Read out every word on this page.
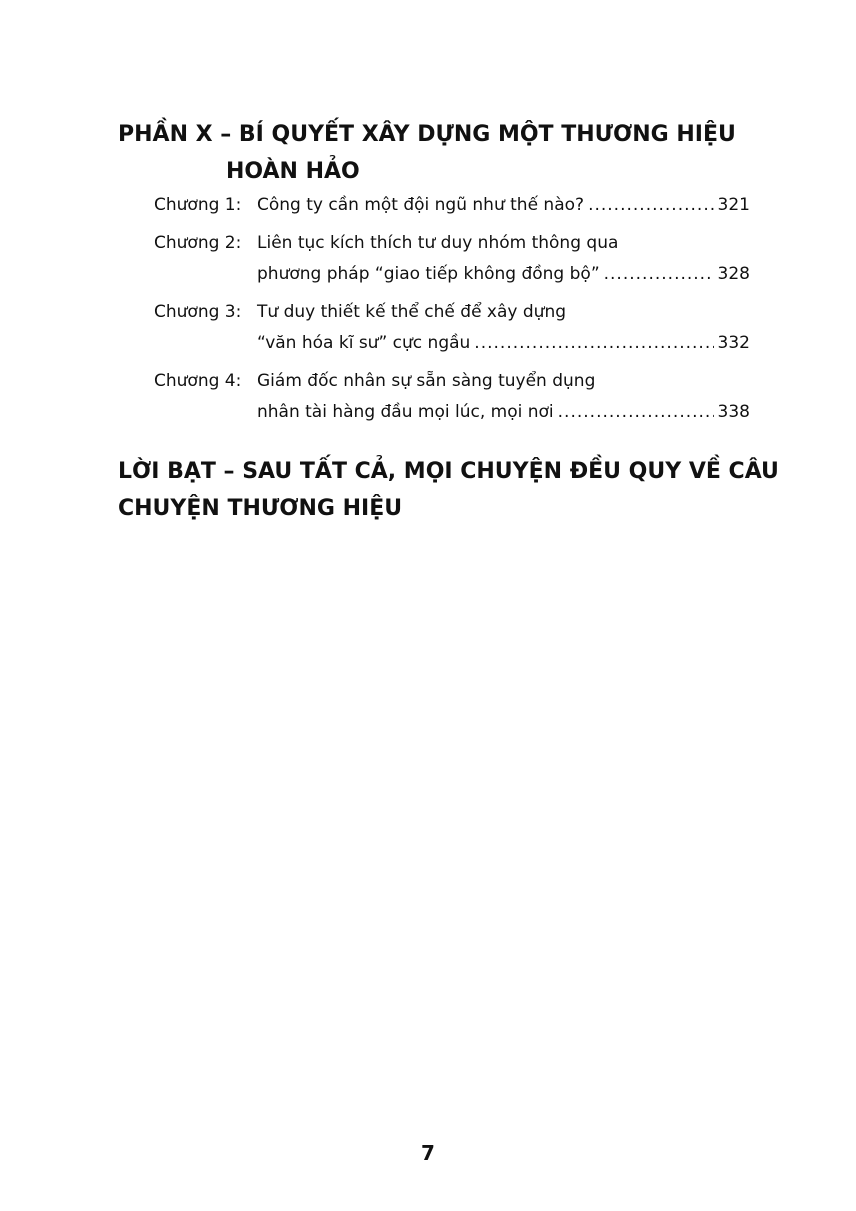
PHẦN X – BÍ QUYẾT XÂY DỰNG MỘT THƯƠNG HIỆU
HOÀN HẢO
Chương 1: Công ty cần một đội ngũ như thế nào? .....	321
Chương 2: Liên tục kích thích tư duy nhóm thông qua
phương pháp “giao tiếp không đồng bộ” .....	328
Chương 3: Tư duy thiết kế thể chế để xây dựng
“văn hóa kĩ sư” cực ngầu .....	332
Chương 4: Giám đốc nhân sự sẵn sàng tuyển dụng
nhân tài hàng đầu mọi lúc, mọi nơi .....	338
LỜI BẠT – SAU TẤT CẢ, MỌI CHUYỆN ĐỀU QUY VỀ CÂU
CHUYỆN THƯƠNG HIỆU
7
